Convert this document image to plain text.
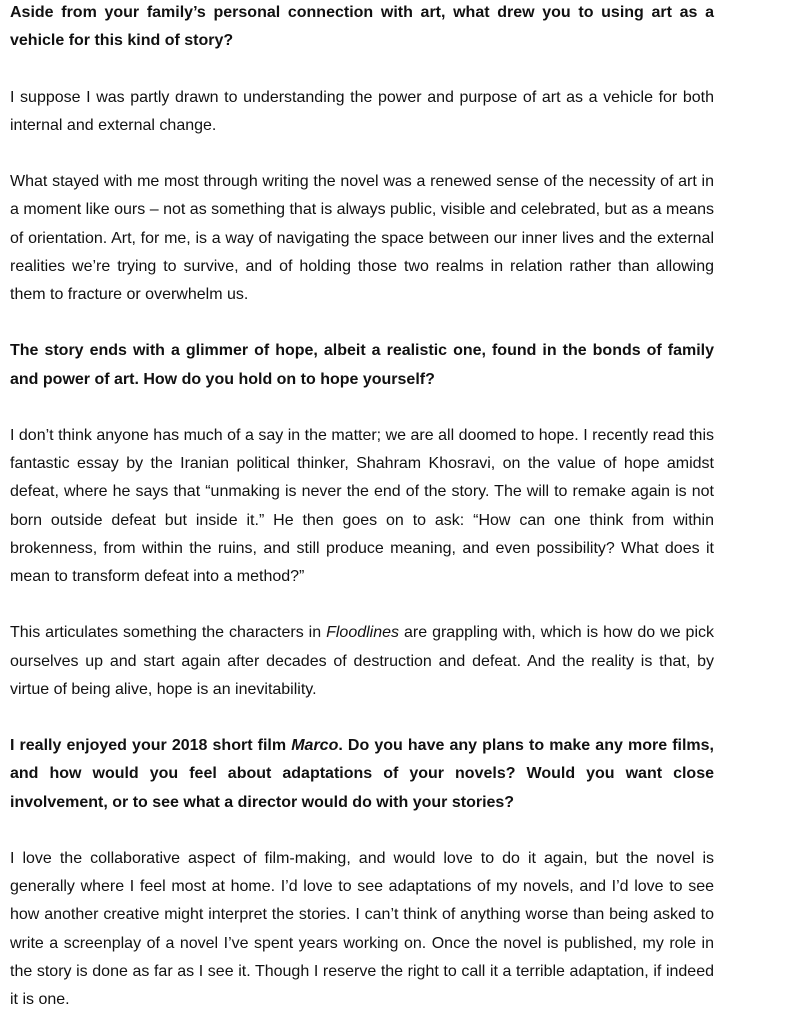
Aside from your family’s personal connection with art, what drew you to using art as a vehicle for this kind of story?

I suppose I was partly drawn to understanding the power and purpose of art as a vehicle for both internal and external change.

What stayed with me most through writing the novel was a renewed sense of the necessity of art in a moment like ours – not as something that is always public, visible and celebrated, but as a means of orientation. Art, for me, is a way of navigating the space between our inner lives and the external realities we’re trying to survive, and of holding those two realms in relation rather than allowing them to fracture or overwhelm us.

The story ends with a glimmer of hope, albeit a realistic one, found in the bonds of family and power of art. How do you hold on to hope yourself?

I don’t think anyone has much of a say in the matter; we are all doomed to hope. I recently read this fantastic essay by the Iranian political thinker, Shahram Khosravi, on the value of hope amidst defeat, where he says that “unmaking is never the end of the story. The will to remake again is not born outside defeat but inside it.” He then goes on to ask: “How can one think from within brokenness, from within the ruins, and still produce meaning, and even possibility? What does it mean to transform defeat into a method?”

This articulates something the characters in Floodlines are grappling with, which is how do we pick ourselves up and start again after decades of destruction and defeat. And the reality is that, by virtue of being alive, hope is an inevitability.

I really enjoyed your 2018 short film Marco. Do you have any plans to make any more films, and how would you feel about adaptations of your novels? Would you want close involvement, or to see what a director would do with your stories?

I love the collaborative aspect of film-making, and would love to do it again, but the novel is generally where I feel most at home. I’d love to see adaptations of my novels, and I’d love to see how another creative might interpret the stories. I can’t think of anything worse than being asked to write a screenplay of a novel I’ve spent years working on. Once the novel is published, my role in the story is done as far as I see it. Though I reserve the right to call it a terrible adaptation, if indeed it is one.
